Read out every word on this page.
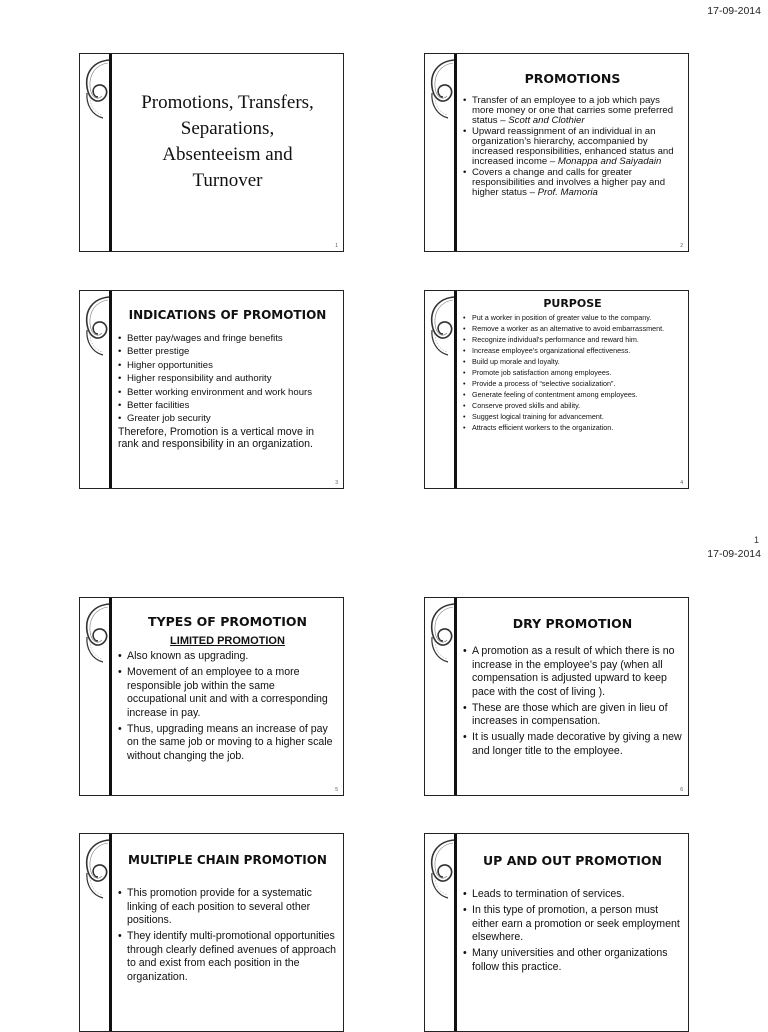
17-09-2014
Promotions, Transfers,
Separations,
Absenteeism and
Turnover
1
PROMOTIONS
• Transfer of an employee to a job which pays more money or one that carries some preferred status – Scott and Clothier
• Upward reassignment of an individual in an organization’s hierarchy, accompanied by increased responsibilities, enhanced status and increased income – Monappa and Saiyadain
• Covers a change and calls for greater responsibilities and involves a higher pay and higher status – Prof. Mamoria
2
INDICATIONS OF PROMOTION
• Better pay/wages and fringe benefits
• Better prestige
• Higher opportunities
• Higher responsibility and authority
• Better working environment and work hours
• Better facilities
• Greater job security
Therefore, Promotion is a vertical move in rank and responsibility in an organization.
3
PURPOSE
• Put a worker in position of greater value to the company.
• Remove a worker as an alternative to avoid embarrassment.
• Recognize individual’s performance and reward him.
• Increase employee’s organizational effectiveness.
• Build up morale and loyalty.
• Promote job satisfaction among employees.
• Provide a process of “selective socialization”.
• Generate feeling of contentment among employees.
• Conserve proved skills and ability.
• Suggest logical training for advancement.
• Attracts efficient workers to the organization.
4
1
17-09-2014
TYPES OF PROMOTION
LIMITED PROMOTION
• Also known as upgrading.
• Movement of an employee to a more responsible job within the same occupational unit and with a corresponding increase in pay.
• Thus, upgrading means an increase of pay on the same job or moving to a higher scale without changing the job.
5
DRY PROMOTION
• A promotion as a result of which there is no increase in the employee’s pay (when all compensation is adjusted upward to keep pace with the cost of living ).
• These are those which are given in lieu of increases in compensation.
• It is usually made decorative by giving a new and longer title to the employee.
6
MULTIPLE CHAIN PROMOTION
• This promotion provide for a systematic linking of each position to several other positions.
• They identify multi-promotional opportunities through clearly defined avenues of approach to and exist from each position in the organization.
UP AND OUT PROMOTION
• Leads to termination of services.
• In this type of promotion, a person must either earn a promotion or seek employment elsewhere.
• Many universities and other organizations follow this practice.
